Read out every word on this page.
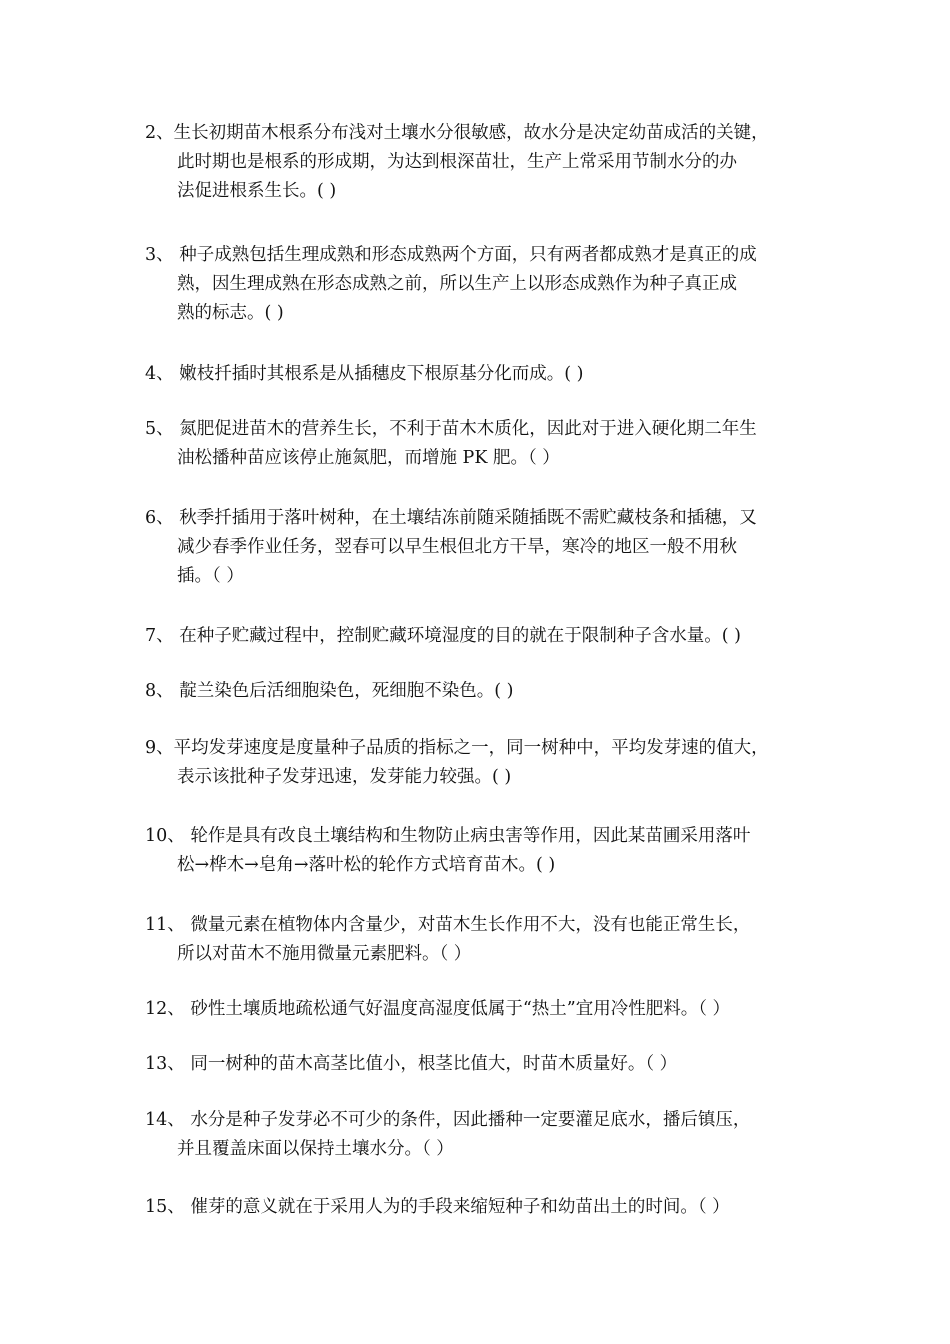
2、生长初期苗木根系分布浅对土壤水分很敏感，故水分是决定幼苗成活的关键，
此时期也是根系的形成期，为达到根深苗壮，生产上常采用节制水分的办
法促进根系生长。( )
3、 种子成熟包括生理成熟和形态成熟两个方面，只有两者都成熟才是真正的成
熟，因生理成熟在形态成熟之前，所以生产上以形态成熟作为种子真正成
熟的标志。( )
4、 嫩枝扦插时其根系是从插穗皮下根原基分化而成。( )
5、 氮肥促进苗木的营养生长，不利于苗木木质化，因此对于进入硬化期二年生
油松播种苗应该停止施氮肥，而增施 PK 肥。（ ）
6、 秋季扦插用于落叶树种，在土壤结冻前随采随插既不需贮藏枝条和插穗，又
减少春季作业任务，翌春可以早生根但北方干旱，寒冷的地区一般不用秋
插。（ ）
7、 在种子贮藏过程中，控制贮藏环境湿度的目的就在于限制种子含水量。( )
8、 靛兰染色后活细胞染色，死细胞不染色。( )
9、平均发芽速度是度量种子品质的指标之一，同一树种中，平均发芽速的值大，
表示该批种子发芽迅速，发芽能力较强。( )
10、 轮作是具有改良土壤结构和生物防止病虫害等作用，因此某苗圃采用落叶
松→桦木→皂角→落叶松的轮作方式培育苗木。( )
11、 微量元素在植物体内含量少，对苗木生长作用不大，没有也能正常生长，
所以对苗木不施用微量元素肥料。（ ）
12、 砂性土壤质地疏松通气好温度高湿度低属于“热土”宜用冷性肥料。（ ）
13、 同一树种的苗木高茎比值小，根茎比值大，时苗木质量好。（ ）
14、 水分是种子发芽必不可少的条件，因此播种一定要灌足底水，播后镇压，
并且覆盖床面以保持土壤水分。（ ）
15、 催芽的意义就在于采用人为的手段来缩短种子和幼苗出土的时间。（ ）
